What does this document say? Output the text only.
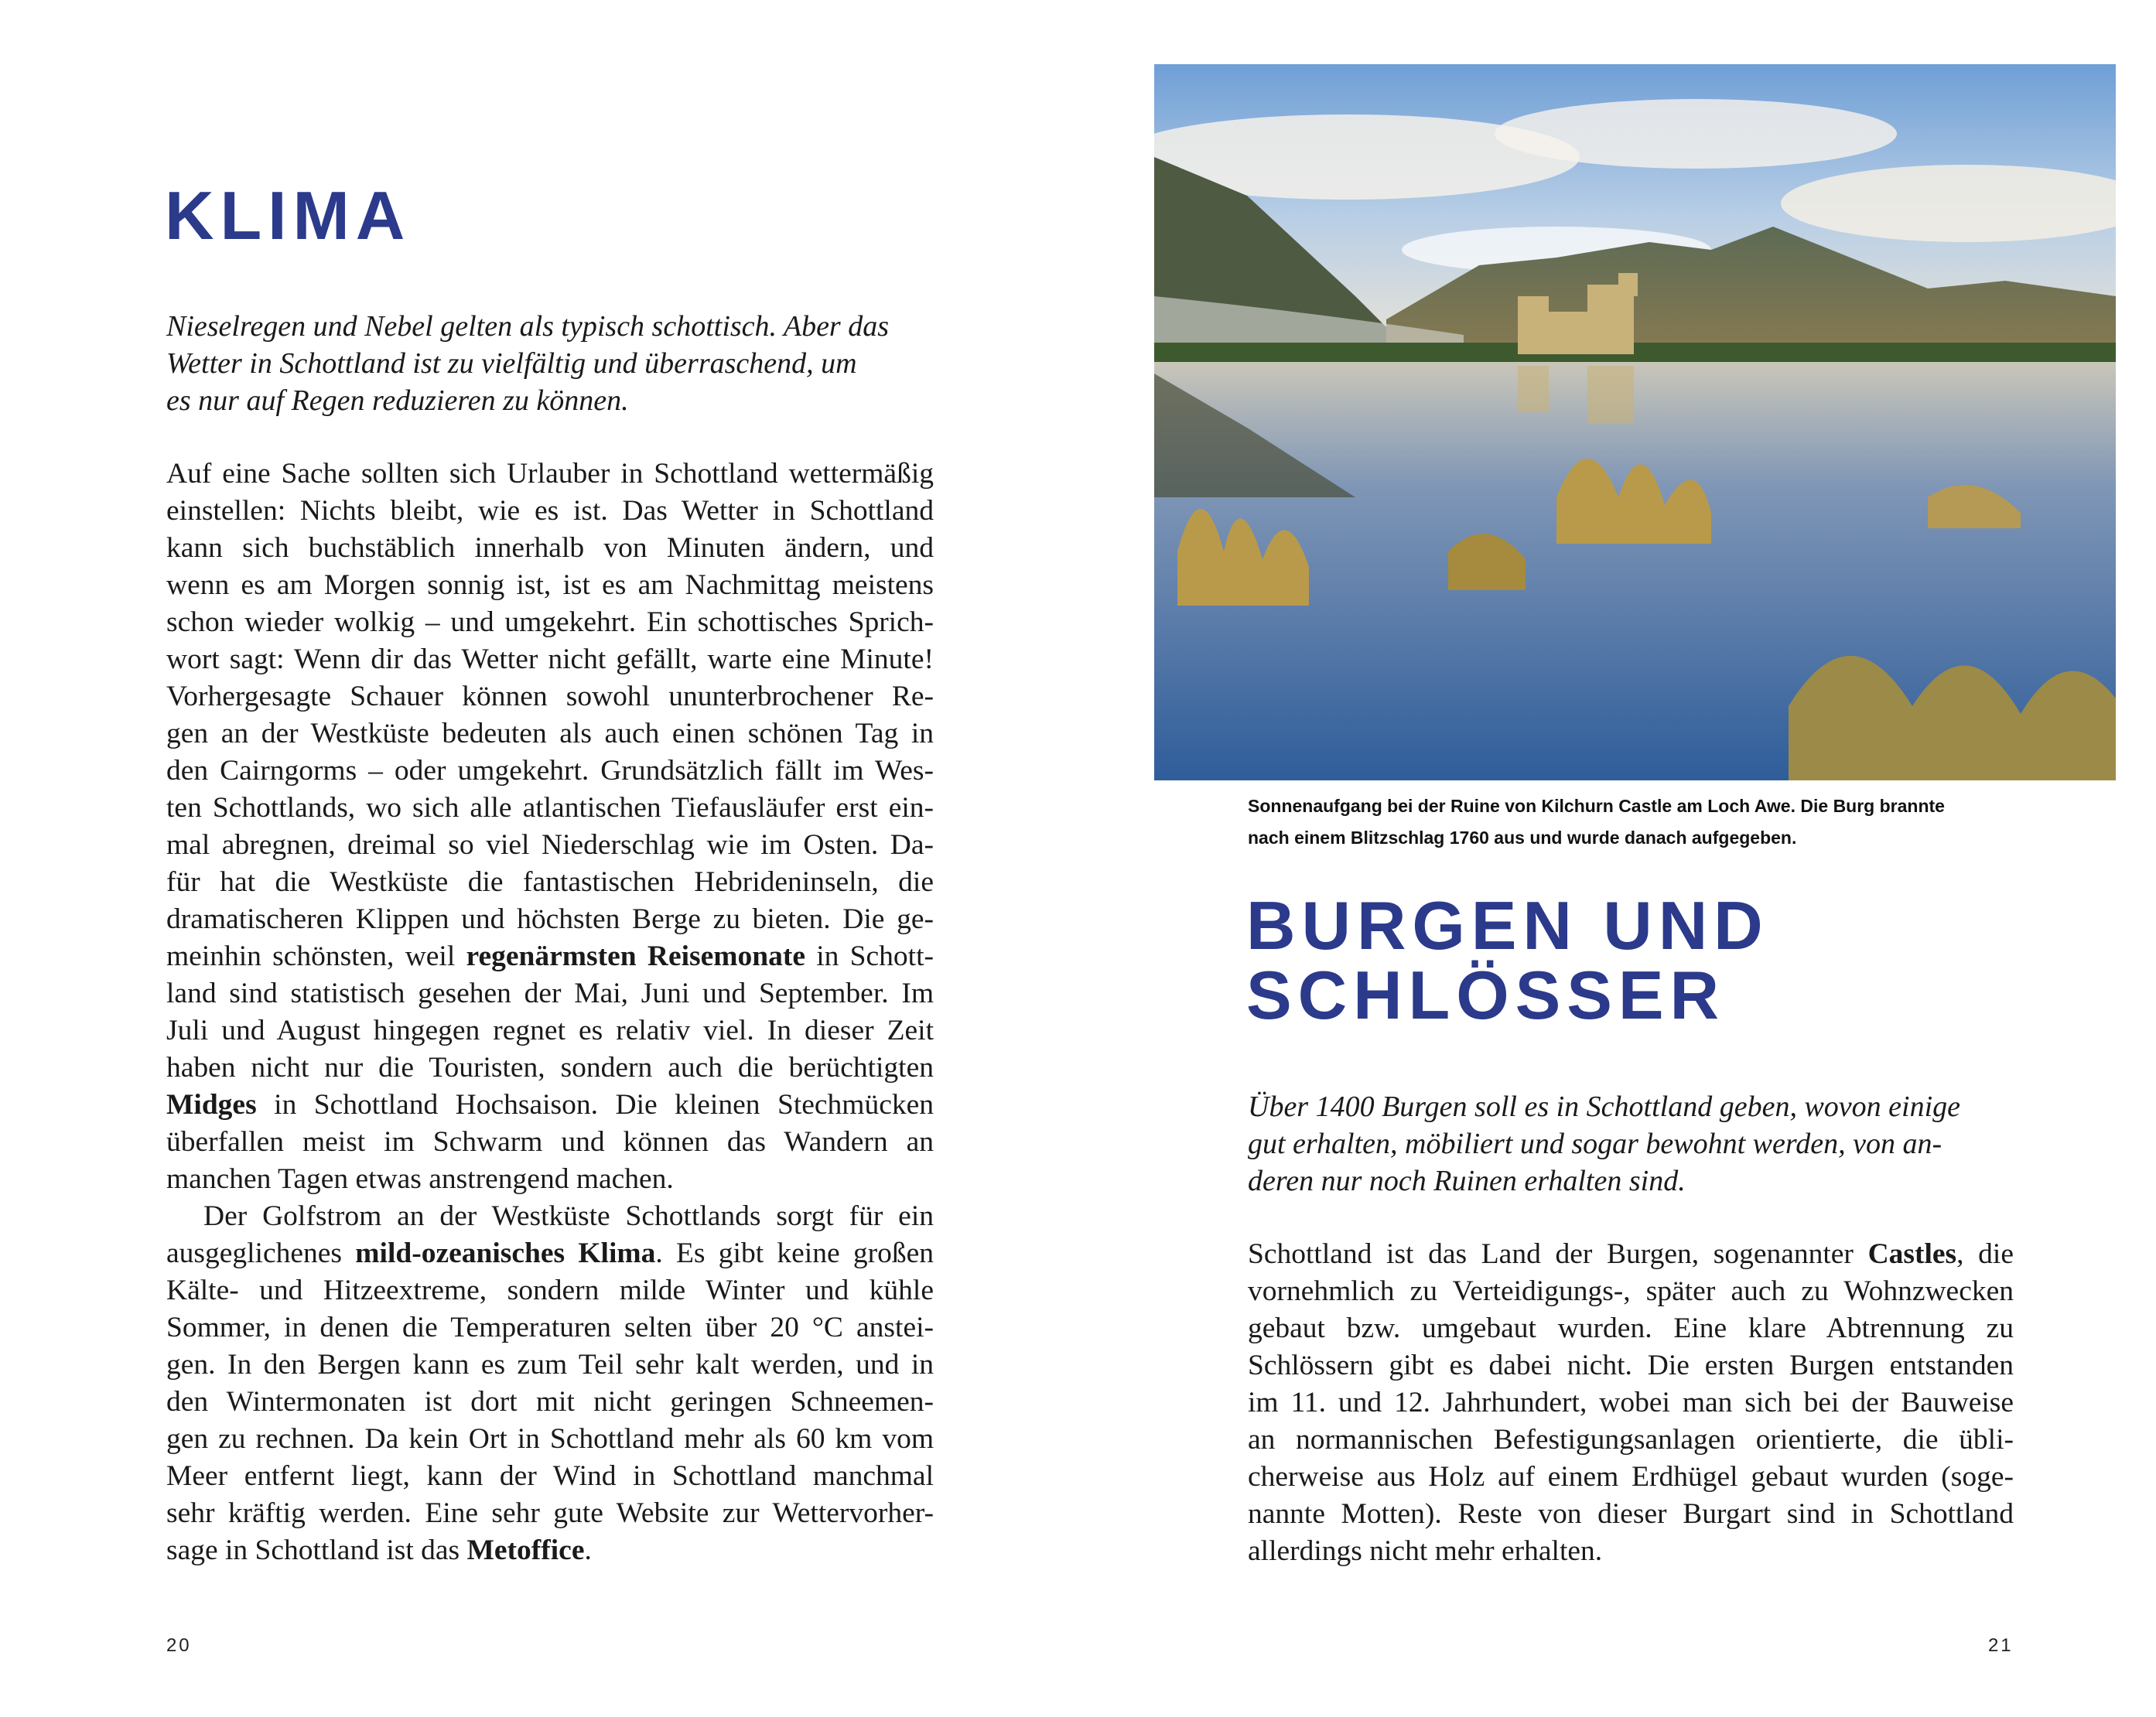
KLIMA
Nieselregen und Nebel gelten als typisch schottisch. Aber das
Wetter in Schottland ist zu vielfältig und überraschend, um
es nur auf Regen reduzieren zu können.
Auf eine Sache sollten sich Urlauber in Schottland wettermäßig
einstellen: Nichts bleibt, wie es ist. Das Wetter in Schottland
kann sich buchstäblich innerhalb von Minuten ändern, und
wenn es am Morgen sonnig ist, ist es am Nachmittag meistens
schon wieder wolkig – und umgekehrt. Ein schottisches Sprich-
wort sagt: Wenn dir das Wetter nicht gefällt, warte eine Minute!
Vorhergesagte Schauer können sowohl ununterbrochener Re-
gen an der Westküste bedeuten als auch einen schönen Tag in
den Cairngorms – oder umgekehrt. Grundsätzlich fällt im Wes-
ten Schottlands, wo sich alle atlantischen Tiefausläufer erst ein-
mal abregnen, dreimal so viel Niederschlag wie im Osten. Da-
für hat die Westküste die fantastischen Hebrideninseln, die
dramatischeren Klippen und höchsten Berge zu bieten. Die ge-
meinhin schönsten, weil regenärmsten Reisemonate in Schott-
land sind statistisch gesehen der Mai, Juni und September. Im
Juli und August hingegen regnet es relativ viel. In dieser Zeit
haben nicht nur die Touristen, sondern auch die berüchtigten
Midges in Schottland Hochsaison. Die kleinen Stechmücken
überfallen meist im Schwarm und können das Wandern an
manchen Tagen etwas anstrengend machen.
Der Golfstrom an der Westküste Schottlands sorgt für ein
ausgeglichenes mild-ozeanisches Klima. Es gibt keine großen
Kälte- und Hitzeextreme, sondern milde Winter und kühle
Sommer, in denen die Temperaturen selten über 20 °C anstei-
gen. In den Bergen kann es zum Teil sehr kalt werden, und in
den Wintermonaten ist dort mit nicht geringen Schneemen-
gen zu rechnen. Da kein Ort in Schottland mehr als 60 km vom
Meer entfernt liegt, kann der Wind in Schottland manchmal
sehr kräftig werden. Eine sehr gute Website zur Wettervorher-
sage in Schottland ist das Metoffice.
20
Sonnenaufgang bei der Ruine von Kilchurn Castle am Loch Awe. Die Burg brannte
nach einem Blitzschlag 1760 aus und wurde danach aufgegeben.
BURGEN UND
SCHLÖSSER
Über 1400 Burgen soll es in Schottland geben, wovon einige
gut erhalten, möbiliert und sogar bewohnt werden, von an-
deren nur noch Ruinen erhalten sind.
Schottland ist das Land der Burgen, sogenannter Castles, die
vornehmlich zu Verteidigungs-, später auch zu Wohnzwecken
gebaut bzw. umgebaut wurden. Eine klare Abtrennung zu
Schlössern gibt es dabei nicht. Die ersten Burgen entstanden
im 11. und 12. Jahrhundert, wobei man sich bei der Bauweise
an normannischen Befestigungsanlagen orientierte, die übli-
cherweise aus Holz auf einem Erdhügel gebaut wurden (soge-
nannte Motten). Reste von dieser Burgart sind in Schottland
allerdings nicht mehr erhalten.
21
